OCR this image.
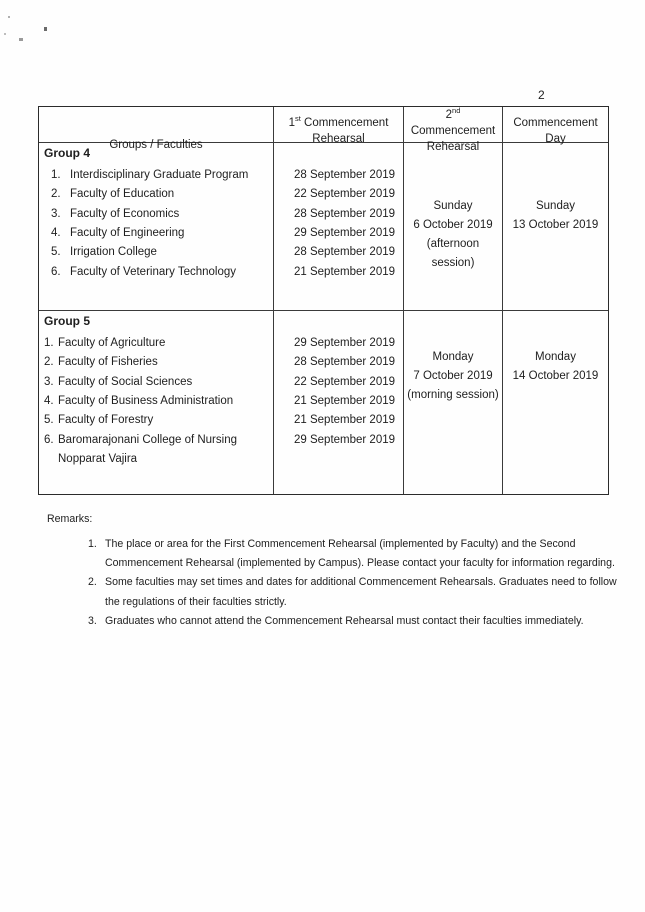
2
Groups / Faculties
1st Commencement
Rehearsal
2nd Commencement
Rehearsal
Commencement
Day
Group 4
1. Interdisciplinary Graduate Program
2. Faculty of Education
3. Faculty of Economics
4. Faculty of Engineering
5. Irrigation College
6. Faculty of Veterinary Technology
28 September 2019
22 September 2019
28 September 2019
29 September 2019
28 September 2019
21 September 2019
Sunday
6 October 2019
(afternoon session)
Sunday
13 October 2019
Group 5
1. Faculty of Agriculture
2. Faculty of Fisheries
3. Faculty of Social Sciences
4. Faculty of Business Administration
5. Faculty of Forestry
6. Baromarajonani College of Nursing
Nopparat Vajira
29 September 2019
28 September 2019
22 September 2019
21 September 2019
21 September 2019
29 September 2019
Monday
7 October 2019
(morning session)
Monday
14 October 2019
Remarks:
1. The place or area for the First Commencement Rehearsal (implemented by Faculty) and the Second
Commencement Rehearsal (implemented by Campus). Please contact your faculty for information regarding.
2. Some faculties may set times and dates for additional Commencement Rehearsals. Graduates need to follow
the regulations of their faculties strictly.
3. Graduates who cannot attend the Commencement Rehearsal must contact their faculties immediately.
